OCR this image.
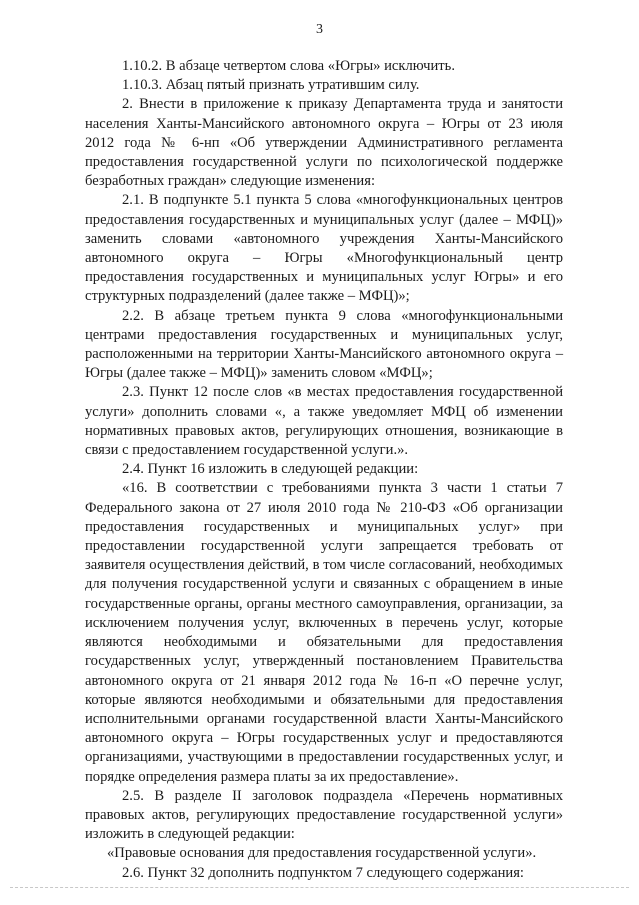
3

1.10.2. В абзаце четвертом слова «Югры» исключить.

1.10.3. Абзац пятый признать утратившим силу.

2. Внести в приложение к приказу Департамента труда и занятости населения Ханты-Мансийского автономного округа – Югры от 23 июля 2012 года № 6-нп «Об утверждении Административного регламента предоставления государственной услуги по психологической поддержке безработных граждан» следующие изменения:

2.1. В подпункте 5.1 пункта 5 слова «многофункциональных центров предоставления государственных и муниципальных услуг (далее – МФЦ)» заменить словами «автономного учреждения Ханты-Мансийского автономного округа – Югры «Многофункциональный центр предоставления государственных и муниципальных услуг Югры» и его структурных подразделений (далее также – МФЦ)»;

2.2. В абзаце третьем пункта 9 слова «многофункциональными центрами предоставления государственных и муниципальных услуг, расположенными на территории Ханты-Мансийского автономного округа – Югры (далее также – МФЦ)» заменить словом «МФЦ»;

2.3. Пункт 12 после слов «в местах предоставления государственной услуги» дополнить словами «, а также уведомляет МФЦ об изменении нормативных правовых актов, регулирующих отношения, возникающие в связи с предоставлением государственной услуги.».

2.4. Пункт 16 изложить в следующей редакции:

«16. В соответствии с требованиями пункта 3 части 1 статьи 7 Федерального закона от 27 июля 2010 года № 210-ФЗ «Об организации предоставления государственных и муниципальных услуг» при предоставлении государственной услуги запрещается требовать от заявителя осуществления действий, в том числе согласований, необходимых для получения государственной услуги и связанных с обращением в иные государственные органы, органы местного самоуправления, организации, за исключением получения услуг, включенных в перечень услуг, которые являются необходимыми и обязательными для предоставления государственных услуг, утвержденный постановлением Правительства автономного округа от 21 января 2012 года № 16-п «О перечне услуг, которые являются необходимыми и обязательными для предоставления исполнительными органами государственной власти Ханты-Мансийского автономного округа – Югры государственных услуг и предоставляются организациями, участвующими в предоставлении государственных услуг, и порядке определения размера платы за их предоставление».

2.5. В разделе II заголовок подраздела «Перечень нормативных правовых актов, регулирующих предоставление государственной услуги» изложить в следующей редакции:

«Правовые основания для предоставления государственной услуги».

2.6. Пункт 32 дополнить подпунктом 7 следующего содержания:
